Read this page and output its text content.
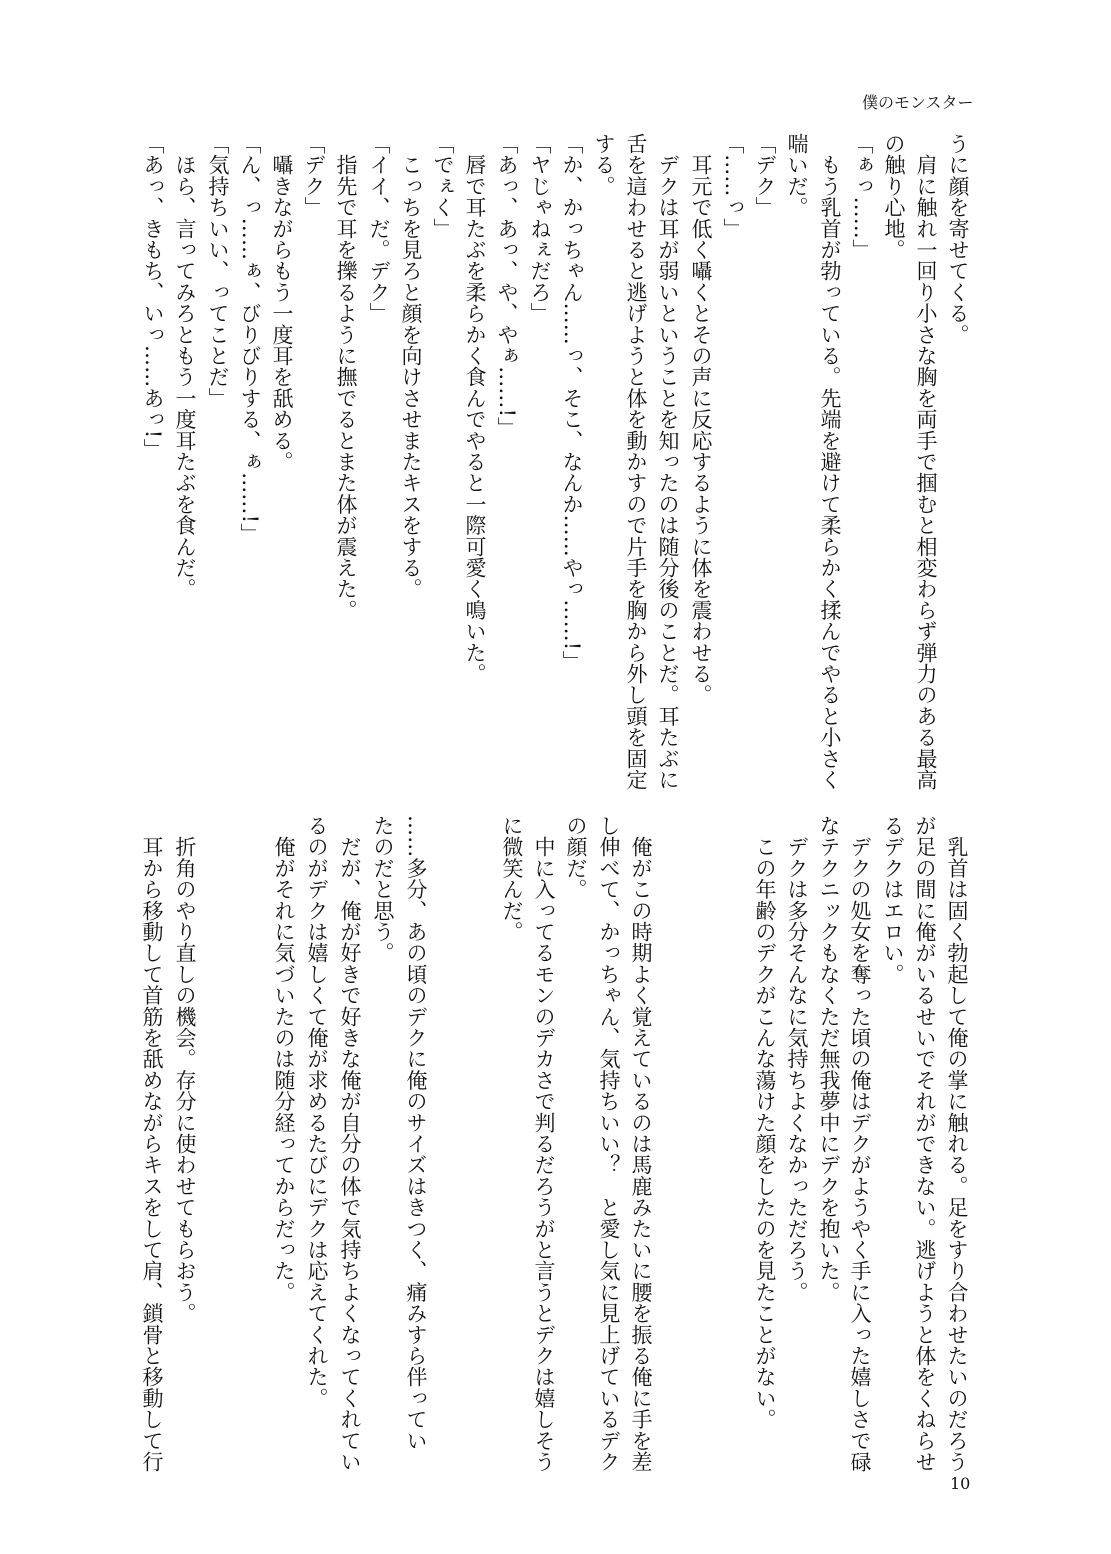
僕のモンスター
うに顔を寄せてくる。
　肩に触れ一回り小さな胸を両手で掴むと相変わらず弾力のある最高
の触り心地。
「ぁっ……」
　もう乳首が勃っている。先端を避けて柔らかく揉んでやると小さく
喘いだ。
「デク」
「……っ」
　耳元で低く囁くとその声に反応するように体を震わせる。
　デクは耳が弱いということを知ったのは随分後のことだ。耳たぶに
舌を這わせると逃げようと体を動かすので片手を胸から外し頭を固定
する。
「か、かっちゃん……っ、そこ、なんか……やっ……!」
「ヤじゃねぇだろ」
「あっ、あっ、や、やぁ……!」
　唇で耳たぶを柔らかく食んでやると一際可愛く鳴いた。
「でぇく」
　こっちを見ろと顔を向けさせまたキスをする。
「イイ、だ。デク」
　指先で耳を擽るように撫でるとまた体が震えた。
「デク」
　囁きながらもう一度耳を舐める。
「ん、っ……ぁ、びりびりする、ぁ……!」
「気持ちいい、ってことだ」
　ほら、言ってみろともう一度耳たぶを食んだ。
「あっ、きもち、いっ……あっ!」
　乳首は固く勃起して俺の掌に触れる。足をすり合わせたいのだろう
が足の間に俺がいるせいでそれができない。逃げようと体をくねらせ
るデクはエロい。
　デクの処女を奪った頃の俺はデクがようやく手に入った嬉しさで碌
なテクニックもなくただ無我夢中にデクを抱いた。
　デクは多分そんなに気持ちよくなかっただろう。
　この年齢のデクがこんな蕩けた顔をしたのを見たことがない。
　俺がこの時期よく覚えているのは馬鹿みたいに腰を振る俺に手を差
し伸べて、かっちゃん、気持ちいい？　と愛し気に見上げているデク
の顔だ。
　中に入ってるモンのデカさで判るだろうがと言うとデクは嬉しそう
に微笑んだ。
……多分、あの頃のデクに俺のサイズはきつく、痛みすら伴ってい
たのだと思う。
　だが、俺が好きで好きな俺が自分の体で気持ちよくなってくれてい
るのがデクは嬉しくて俺が求めるたびにデクは応えてくれた。
　俺がそれに気づいたのは随分経ってからだった。
　折角のやり直しの機会。存分に使わせてもらおう。
　耳から移動して首筋を舐めながらキスをして肩、鎖骨と移動して行
10
